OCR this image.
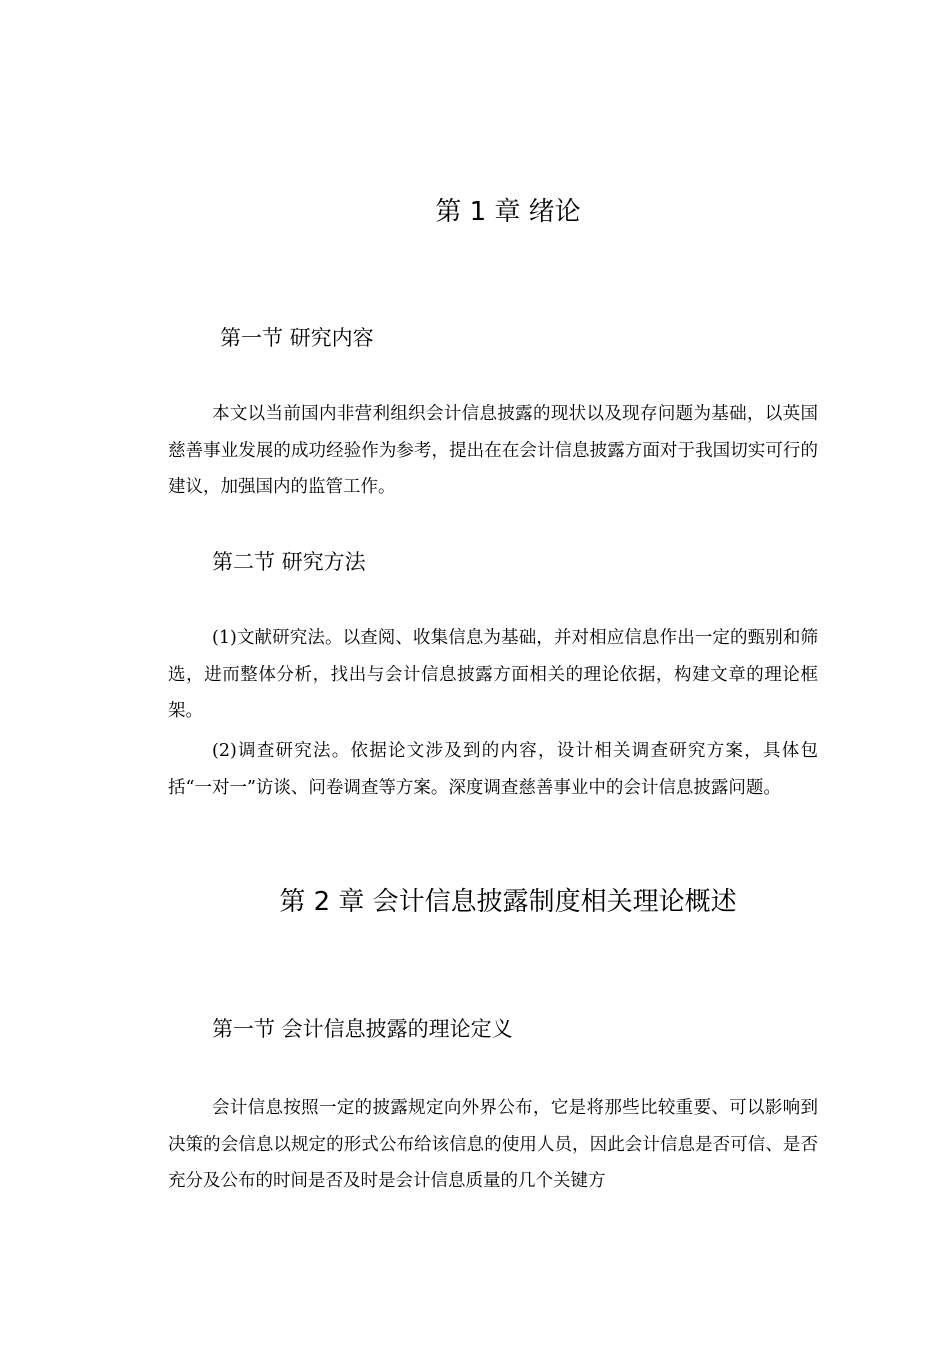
第 1 章 绪论
第一节 研究内容

本文以当前国内非营利组织会计信息披露的现状以及现存问题为基础，以英国慈善事业发展的成功经验作为参考，提出在在会计信息披露方面对于我国切实可行的建议，加强国内的监管工作。

第二节 研究方法

(1)文献研究法。以查阅、收集信息为基础，并对相应信息作出一定的甄别和筛选，进而整体分析，找出与会计信息披露方面相关的理论依据，构建文章的理论框架。

(2)调查研究法。依据论文涉及到的内容，设计相关调查研究方案，具体包括“一对一”访谈、问卷调查等方案。深度调查慈善事业中的会计信息披露问题。

第 2 章 会计信息披露制度相关理论概述
第一节 会计信息披露的理论定义

会计信息按照一定的披露规定向外界公布，它是将那些比较重要、可以影响到决策的会信息以规定的形式公布给该信息的使用人员，因此会计信息是否可信、是否充分及公布的时间是否及时是会计信息质量的几个关键方
